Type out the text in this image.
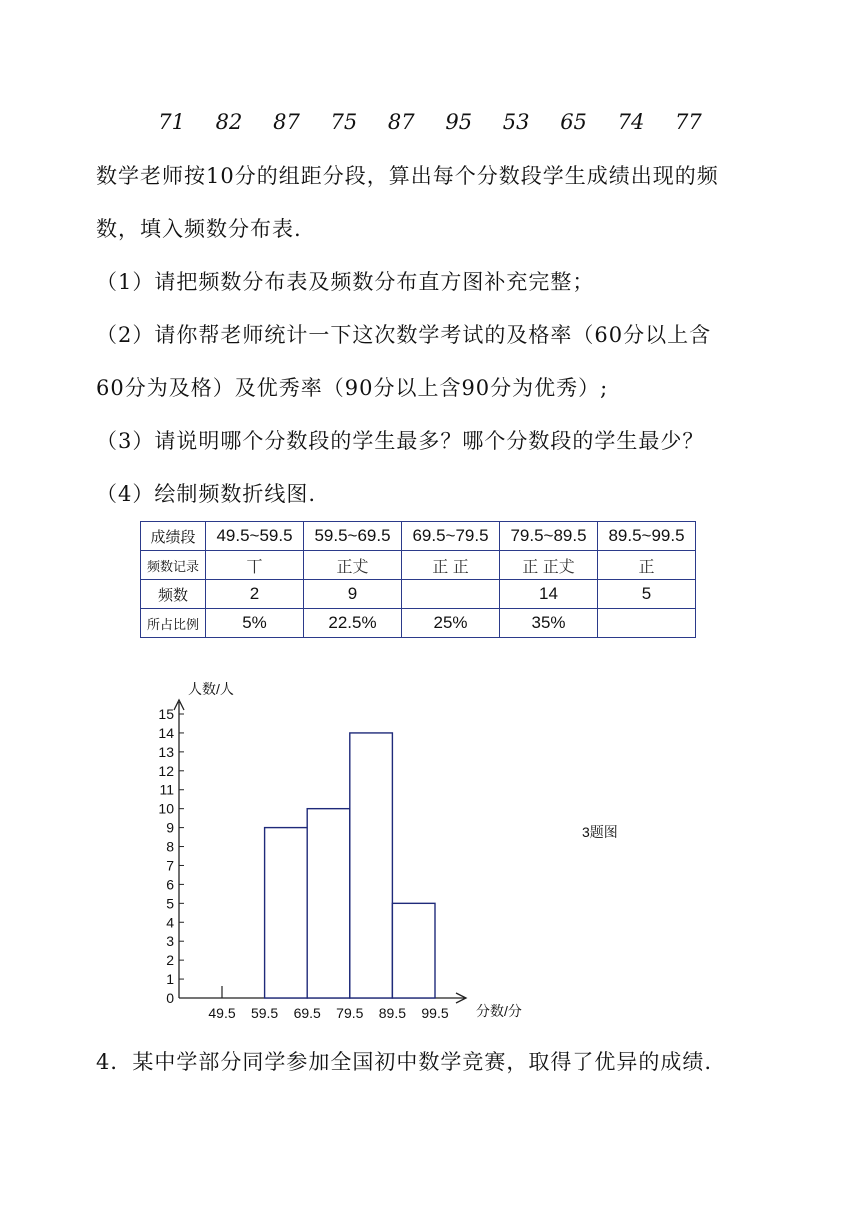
71 82 87 75 87 95 53 65 74 77
数学老师按10分的组距分段，算出每个分数段学生成绩出现的频
数，填入频数分布表.
（1）请把频数分布表及频数分布直方图补充完整；
（2）请你帮老师统计一下这次数学考试的及格率（60分以上含
60分为及格）及优秀率（90分以上含90分为优秀）;
（3）请说明哪个分数段的学生最多？哪个分数段的学生最少？
（4）绘制频数折线图.
成绩段	49.5~59.5	59.5~69.5	69.5~79.5	79.5~89.5	89.5~99.5
频数记录	丅	正𠀋	正 正	正 正𠀋	正
频数	2	9		14	5
所占比例	5%	22.5%	25%	35%	
0
1
2
3
4
5
6
7
8
9
10
11
12
13
14
15
49.5 59.5 69.5 79.5 89.5 99.5
人数/人
分数/分
3题图
4．某中学部分同学参加全国初中数学竞赛，取得了优异的成绩.
